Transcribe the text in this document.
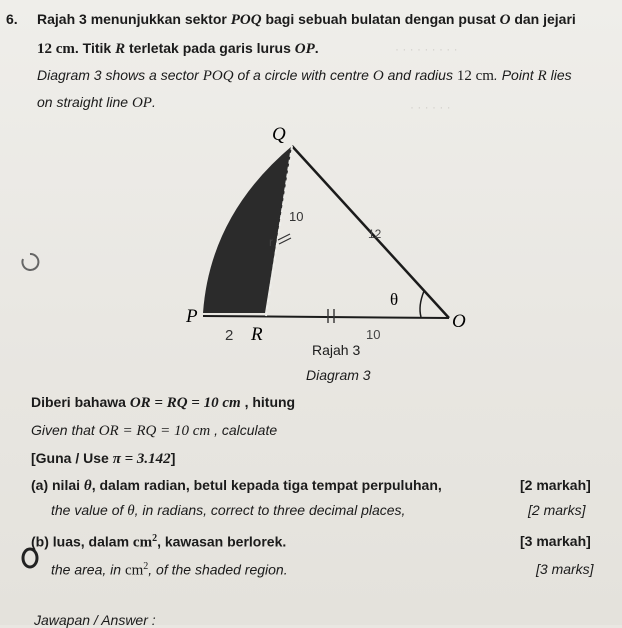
· · · · · · · · ·
· · · · · ·
6. Rajah 3 menunjukkan sektor POQ bagi sebuah bulatan dengan pusat O dan jejari
12 cm. Titik R terletak pada garis lurus OP.
Diagram 3 shows a sector POQ of a circle with centre O and radius 12 cm. Point R lies
on straight line OP.
Q
P
R
O
θ
10
12
10
2
r
Rajah 3
Diagram 3
Diberi bahawa OR = RQ = 10 cm , hitung
Given that OR = RQ = 10 cm , calculate
[Guna / Use π = 3.142]
(a) nilai θ, dalam radian, betul kepada tiga tempat perpuluhan,	[2 markah]
the value of θ, in radians, correct to three decimal places,	[2 marks]
(b) luas, dalam $cm^2$, kawasan berlorek.	[3 markah]
the area, in $cm^2$, of the shaded region.	[3 marks]
Jawapan / Answer :
